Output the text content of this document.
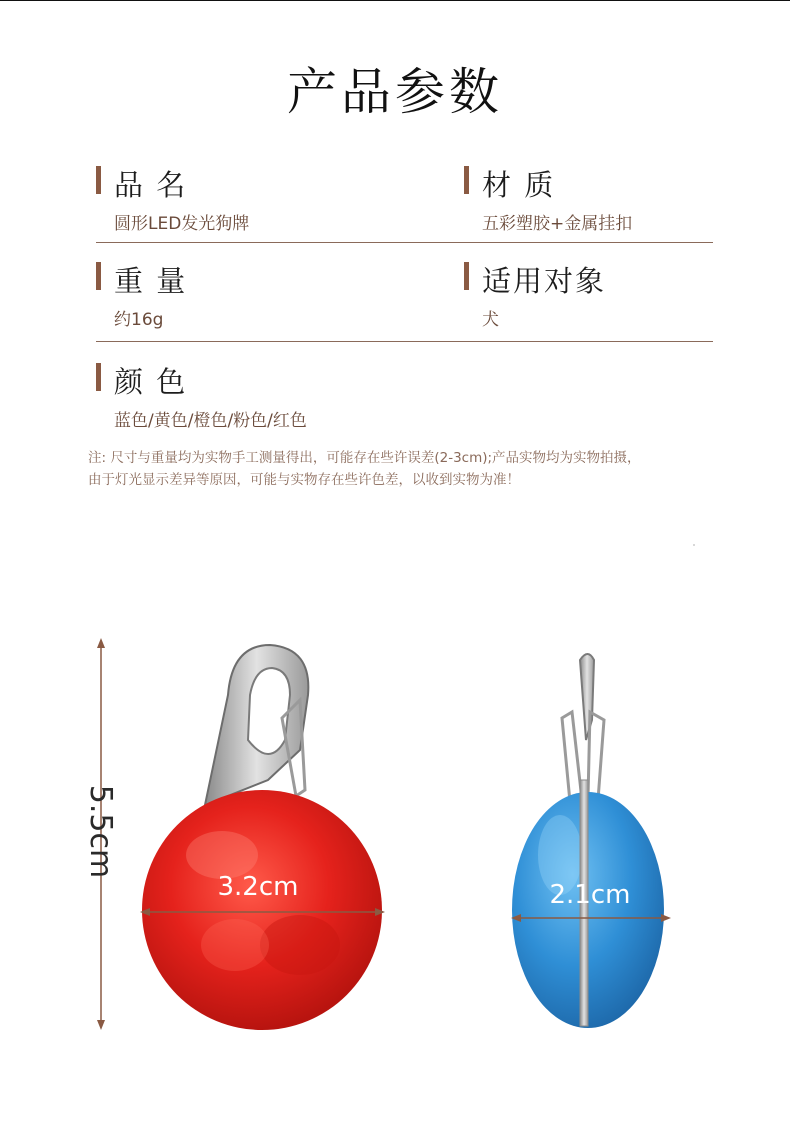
产品参数
品 名
圆形LED发光狗牌
材 质
五彩塑胶+金属挂扣
重 量
约16g
适用对象
犬
颜 色
蓝色/黄色/橙色/粉色/红色
注: 尺寸与重量均为实物手工测量得出，可能存在些许误差(2-3cm);产品实物均为实物拍摄，
由于灯光显示差异等原因，可能与实物存在些许色差，以收到实物为准！
3.2cm	2.1cm
5.5cm
